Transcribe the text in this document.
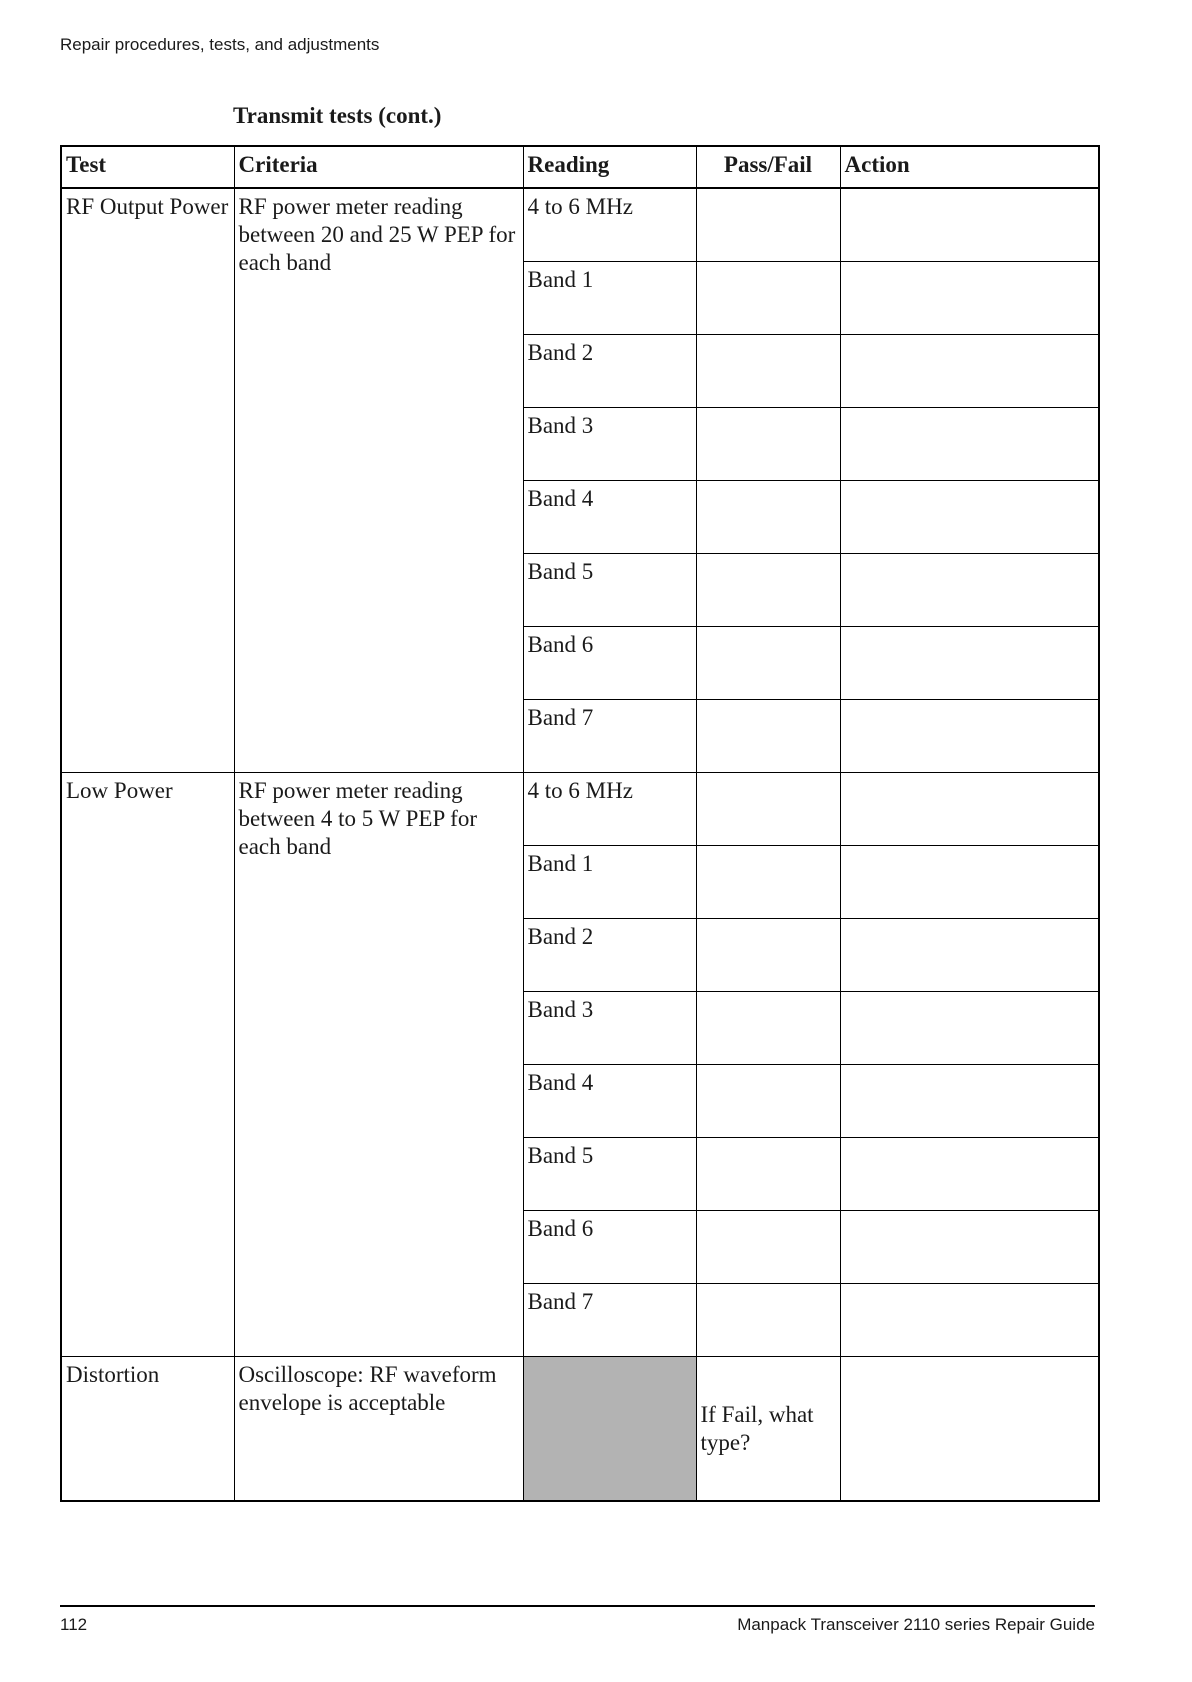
Repair procedures, tests, and adjustments
Transmit tests (cont.)
Test	Criteria	Reading	Pass/Fail	Action
RF Output Power	RF power meter reading between 20 and 25 W PEP for each band	4 to 6 MHz		
		Band 1		
		Band 2		
		Band 3		
		Band 4		
		Band 5		
		Band 6		
		Band 7		
Low Power	RF power meter reading between 4 to 5 W PEP for each band	4 to 6 MHz		
		Band 1		
		Band 2		
		Band 3		
		Band 4		
		Band 5		
		Band 6		
		Band 7		
Distortion	Oscilloscope: RF waveform envelope is acceptable		If Fail, what type?	
112	Manpack Transceiver 2110 series Repair Guide
